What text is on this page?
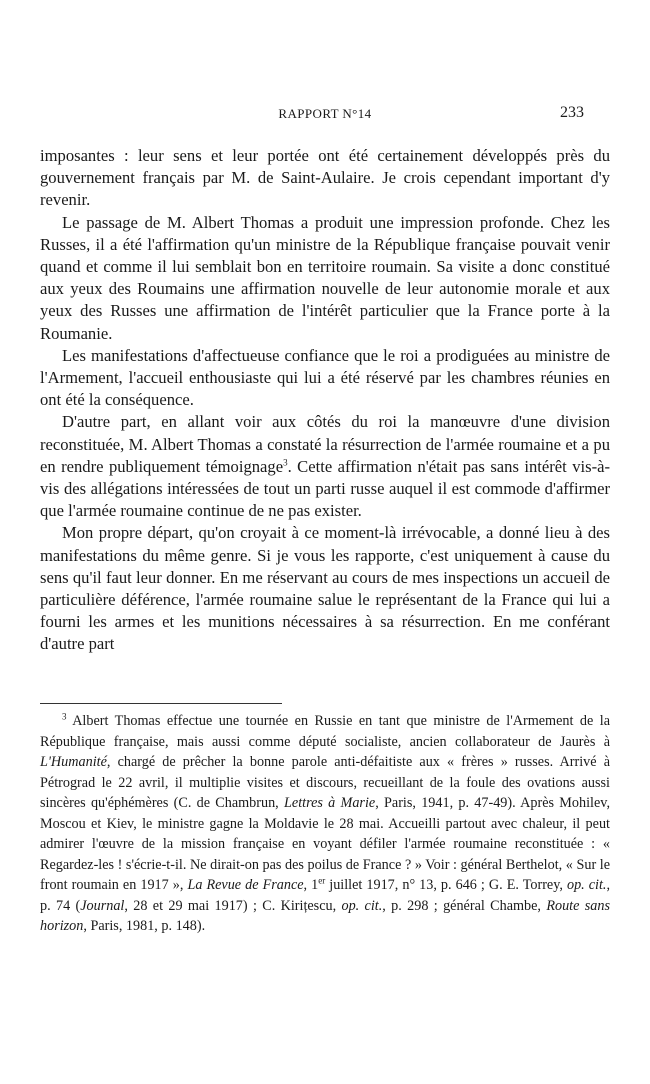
RAPPORT N°14	233

imposantes : leur sens et leur portée ont été certainement développés près du gouvernement français par M. de Saint-Aulaire. Je crois cependant important d'y revenir.

Le passage de M. Albert Thomas a produit une impression profonde. Chez les Russes, il a été l'affirmation qu'un ministre de la République française pouvait venir quand et comme il lui semblait bon en territoire roumain. Sa visite a donc constitué aux yeux des Roumains une affirmation nouvelle de leur autonomie morale et aux yeux des Russes une affirmation de l'intérêt particulier que la France porte à la Roumanie.

Les manifestations d'affectueuse confiance que le roi a prodiguées au ministre de l'Armement, l'accueil enthousiaste qui lui a été réservé par les chambres réunies en ont été la conséquence.

D'autre part, en allant voir aux côtés du roi la manœuvre d'une division reconstituée, M. Albert Thomas a constaté la résurrection de l'armée roumaine et a pu en rendre publiquement témoignage$^3$. Cette affirmation n'était pas sans intérêt vis-à-vis des allégations intéressées de tout un parti russe auquel il est commode d'affirmer que l'armée roumaine continue de ne pas exister.

Mon propre départ, qu'on croyait à ce moment-là irrévocable, a donné lieu à des manifestations du même genre. Si je vous les rapporte, c'est uniquement à cause du sens qu'il faut leur donner. En me réservant au cours de mes inspections un accueil de particulière déférence, l'armée roumaine salue le représentant de la France qui lui a fourni les armes et les munitions nécessaires à sa résurrection. En me conférant d'autre part

$^3$ Albert Thomas effectue une tournée en Russie en tant que ministre de l'Armement de la République française, mais aussi comme député socialiste, ancien collaborateur de Jaurès à L'Humanité, chargé de prêcher la bonne parole anti-défaitiste aux « frères » russes. Arrivé à Pétrograd le 22 avril, il multiplie visites et discours, recueillant de la foule des ovations aussi sincères qu'éphémères (C. de Chambrun, Lettres à Marie, Paris, 1941, p. 47-49). Après Mohilev, Moscou et Kiev, le ministre gagne la Moldavie le 28 mai. Accueilli partout avec chaleur, il peut admirer l'œuvre de la mission française en voyant défiler l'armée roumaine reconstituée : « Regardez-les ! s'écrie-t-il. Ne dirait-on pas des poilus de France ? » Voir : général Berthelot, « Sur le front roumain en 1917 », La Revue de France, 1er juillet 1917, n° 13, p. 646 ; G. E. Torrey, op. cit., p. 74 (Journal, 28 et 29 mai 1917) ; C. Kirițescu, op. cit., p. 298 ; général Chambe, Route sans horizon, Paris, 1981, p. 148).
